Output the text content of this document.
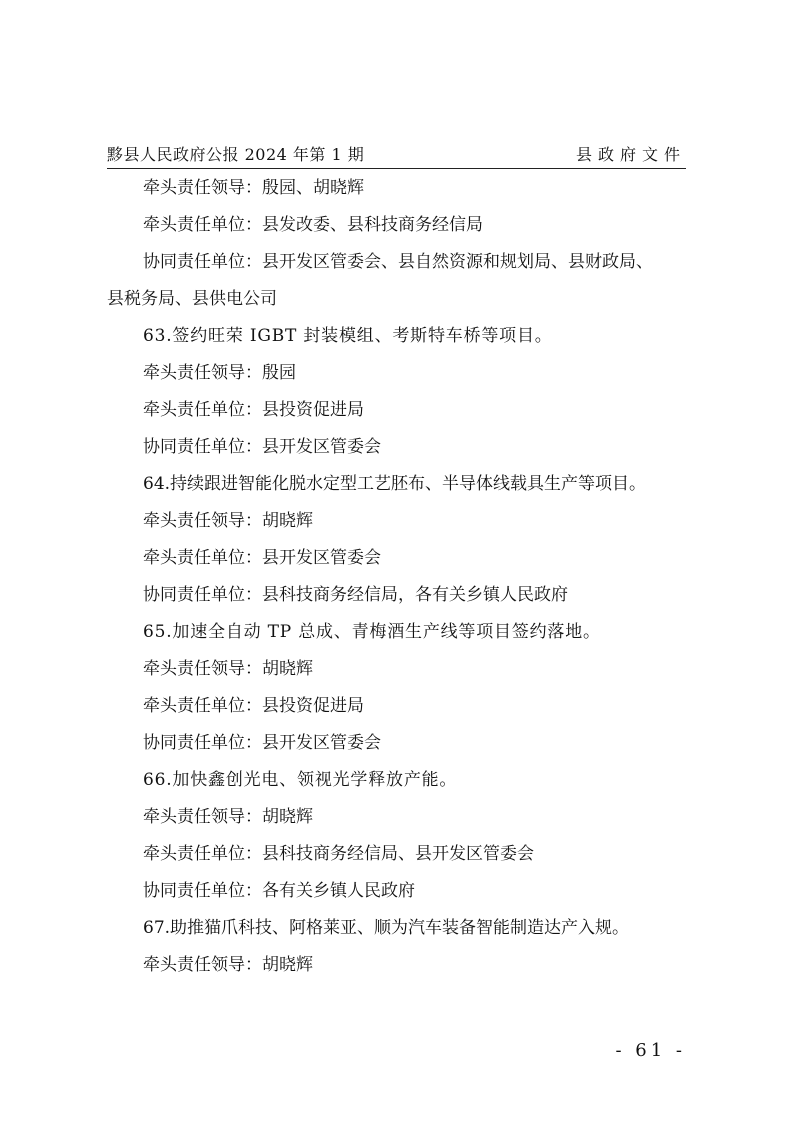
黟县人民政府公报 2024 年第 1 期	县政府文件
牵头责任领导：殷园、胡晓辉
牵头责任单位：县发改委、县科技商务经信局
协同责任单位：县开发区管委会、县自然资源和规划局、县财政局、
县税务局、县供电公司
63.签约旺荣 IGBT 封装模组、考斯特车桥等项目。
牵头责任领导：殷园
牵头责任单位：县投资促进局
协同责任单位：县开发区管委会
64.持续跟进智能化脱水定型工艺胚布、半导体线载具生产等项目。
牵头责任领导：胡晓辉
牵头责任单位：县开发区管委会
协同责任单位：县科技商务经信局，各有关乡镇人民政府
65.加速全自动 TP 总成、青梅酒生产线等项目签约落地。
牵头责任领导：胡晓辉
牵头责任单位：县投资促进局
协同责任单位：县开发区管委会
66.加快鑫创光电、领视光学释放产能。
牵头责任领导：胡晓辉
牵头责任单位：县科技商务经信局、县开发区管委会
协同责任单位：各有关乡镇人民政府
67.助推猫爪科技、阿格莱亚、顺为汽车装备智能制造达产入规。
牵头责任领导：胡晓辉
- 61 -
